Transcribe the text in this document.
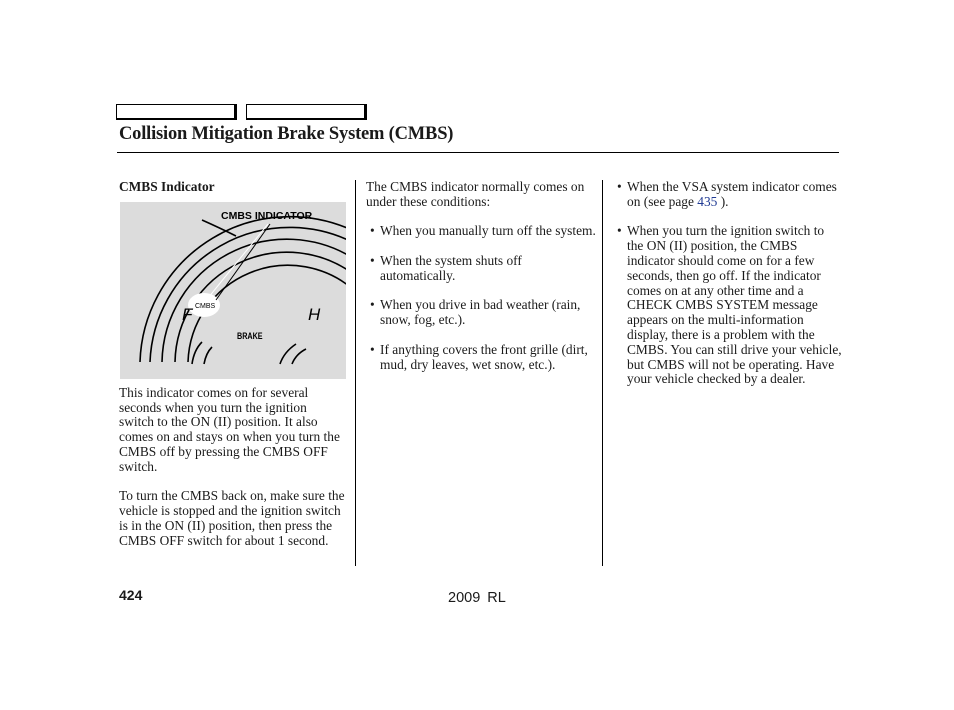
Collision Mitigation Brake System (CMBS)

CMBS Indicator

CMBS INDICATOR
CMBS
F	H
BRAKE

This indicator comes on for several seconds when you turn the ignition switch to the ON (II) position. It also comes on and stays on when you turn the CMBS off by pressing the CMBS OFF switch.

To turn the CMBS back on, make sure the vehicle is stopped and the ignition switch is in the ON (II) position, then press the CMBS OFF switch for about 1 second.

The CMBS indicator normally comes on under these conditions:

• When you manually turn off the system.
• When the system shuts off automatically.
• When you drive in bad weather (rain, snow, fog, etc.).
• If anything covers the front grille (dirt, mud, dry leaves, wet snow, etc.).
• When the VSA system indicator comes on (see page 435 ).
• When you turn the ignition switch to the ON (II) position, the CMBS indicator should come on for a few seconds, then go off. If the indicator comes on at any other time and a CHECK CMBS SYSTEM message appears on the multi-information display, there is a problem with the CMBS. You can still drive your vehicle, but CMBS will not be operating. Have your vehicle checked by a dealer.
424	2009 RL
